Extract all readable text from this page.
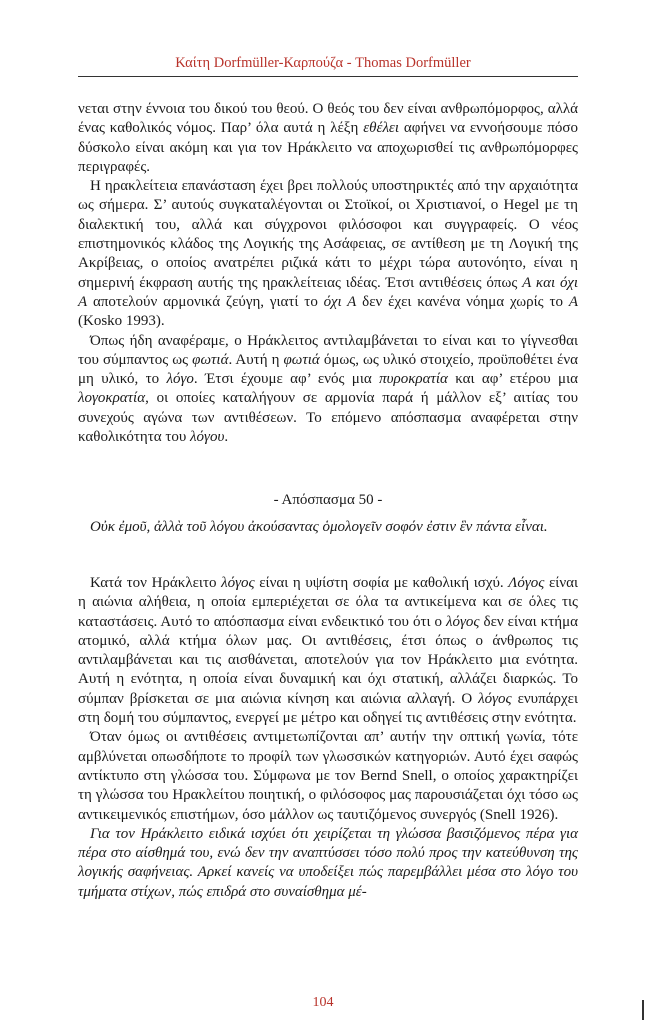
Καίτη Dorfmüller-Καρπούζα - Thomas Dorfmüller

νεται στην έννοια του δικού του θεού. Ο θεός του δεν είναι ανθρωπόμορφος, αλλά ένας καθολικός νόμος. Παρ’ όλα αυτά η λέξη εθέλει αφήνει να εννοήσουμε πόσο δύσκολο είναι ακόμη και για τον Ηράκλειτο να αποχωρισθεί τις ανθρωπόμορφες περιγραφές.

Η ηρακλείτεια επανάσταση έχει βρει πολλούς υποστηρικτές από την αρχαιότητα ως σήμερα. Σ’ αυτούς συγκαταλέγονται οι Στοϊκοί, οι Χριστιανοί, ο Hegel με τη διαλεκτική του, αλλά και σύγχρονοι φιλόσοφοι και συγγραφείς. Ο νέος επιστημονικός κλάδος της Λογικής της Ασάφειας, σε αντίθεση με τη Λογική της Ακρίβειας, ο οποίος ανατρέπει ριζικά κάτι το μέχρι τώρα αυτονόητο, είναι η σημερινή έκφραση αυτής της ηρακλείτειας ιδέας. Έτσι αντιθέσεις όπως Α και όχι Α αποτελούν αρμονικά ζεύγη, γιατί το όχι Α δεν έχει κανένα νόημα χωρίς το Α (Kosko 1993).

Όπως ήδη αναφέραμε, ο Ηράκλειτος αντιλαμβάνεται το είναι και το γίγνεσθαι του σύμπαντος ως φωτιά. Αυτή η φωτιά όμως, ως υλικό στοιχείο, προϋποθέτει ένα μη υλικό, το λόγο. Έτσι έχουμε αφ’ ενός μια πυροκρατία και αφ’ ετέρου μια λογοκρατία, οι οποίες καταλήγουν σε αρμονία παρά ή μάλλον εξ’ αιτίας του συνεχούς αγώνα των αντιθέσεων. Το επόμενο απόσπασμα αναφέρεται στην καθολικότητα του λόγου.

- Απόσπασμα 50 -
Οὐκ ἐμοῦ, ἀλλὰ τοῦ λόγου ἀκούσαντας ὁμολογεῖν σοφόν ἐστιν ἓν πάντα εἶναι.

Κατά τον Ηράκλειτο λόγος είναι η υψίστη σοφία με καθολική ισχύ. Λόγος είναι η αιώνια αλήθεια, η οποία εμπεριέχεται σε όλα τα αντικείμενα και σε όλες τις καταστάσεις. Αυτό το απόσπασμα είναι ενδεικτικό του ότι ο λόγος δεν είναι κτήμα ατομικό, αλλά κτήμα όλων μας. Οι αντιθέσεις, έτσι όπως ο άνθρωπος τις αντιλαμβάνεται και τις αισθάνεται, αποτελούν για τον Ηράκλειτο μια ενότητα. Αυτή η ενότητα, η οποία είναι δυναμική και όχι στατική, αλλάζει διαρκώς. Το σύμπαν βρίσκεται σε μια αιώνια κίνηση και αιώνια αλλαγή. Ο λόγος ενυπάρχει στη δομή του σύμπαντος, ενεργεί με μέτρο και οδηγεί τις αντιθέσεις στην ενότητα.

Όταν όμως οι αντιθέσεις αντιμετωπίζονται απ’ αυτήν την οπτική γωνία, τότε αμβλύνεται οπωσδήποτε το προφίλ των γλωσσικών κατηγοριών. Αυτό έχει σαφώς αντίκτυπο στη γλώσσα του. Σύμφωνα με τον Bernd Snell, ο οποίος χαρακτηρίζει τη γλώσσα του Ηρακλείτου ποιητική, ο φιλόσοφος μας παρουσιάζεται όχι τόσο ως αντικειμενικός επιστήμων, όσο μάλλον ως ταυτιζόμενος συνεργός (Snell 1926).

Για τον Ηράκλειτο ειδικά ισχύει ότι χειρίζεται τη γλώσσα βασιζόμενος πέρα για πέρα στο αίσθημά του, ενώ δεν την αναπτύσσει τόσο πολύ προς την κατεύθυνση της λογικής σαφήνειας. Αρκεί κανείς να υποδείξει πώς παρεμβάλλει μέσα στο λόγο του τμήματα στίχων, πώς επιδρά στο συναίσθημα μέ-

104
